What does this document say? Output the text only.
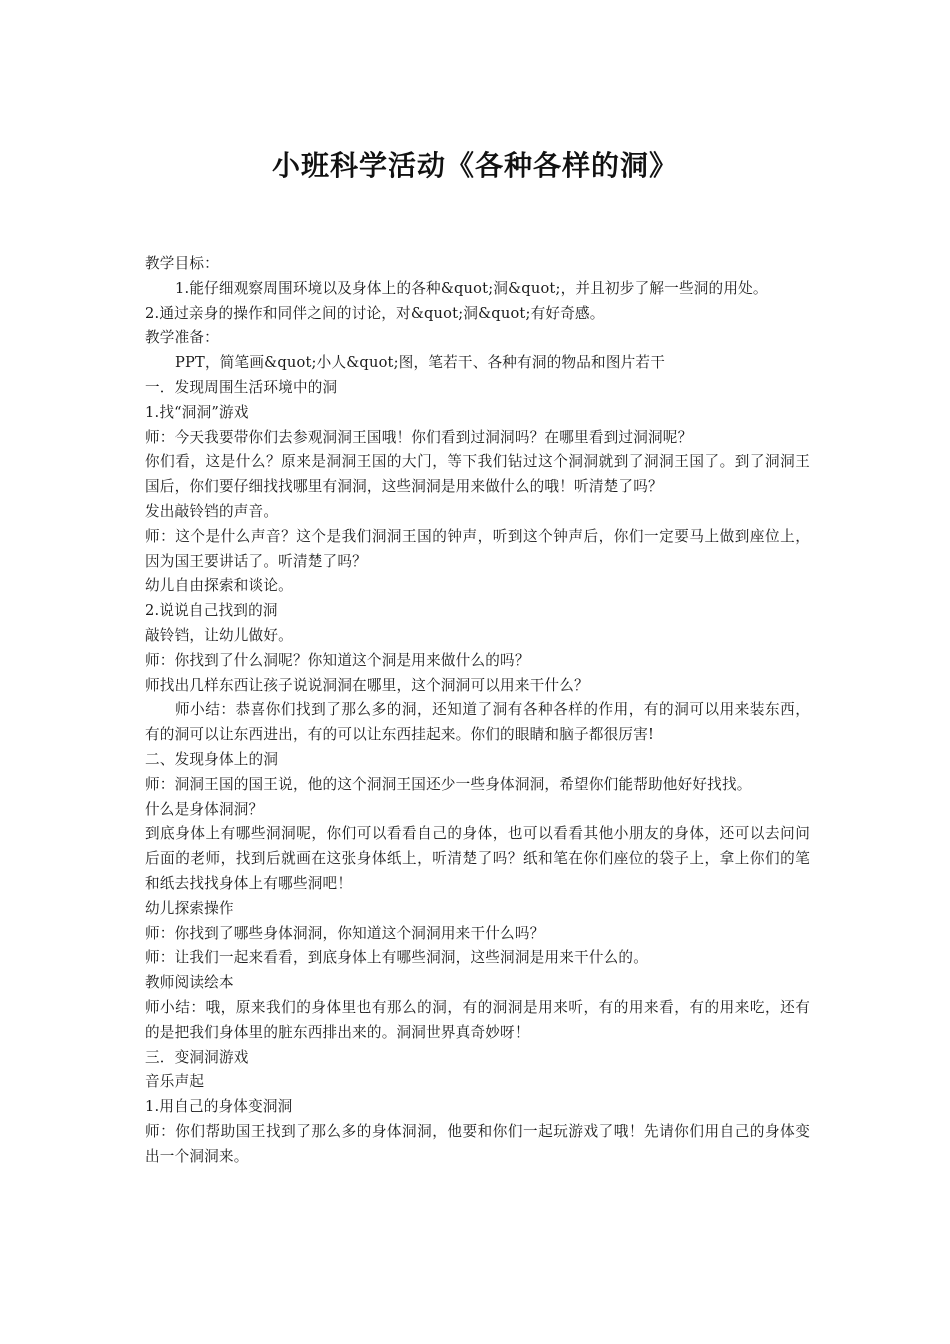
小班科学活动《各种各样的洞》

教学目标：

1.能仔细观察周围环境以及身体上的各种&quot;洞&quot;，并且初步了解一些洞的用处。

2.通过亲身的操作和同伴之间的讨论，对&quot;洞&quot;有好奇感。

教学准备：

PPT，简笔画&quot;小人&quot;图，笔若干、各种有洞的物品和图片若干

一．发现周围生活环境中的洞

1.找“洞洞”游戏

师：今天我要带你们去参观洞洞王国哦！你们看到过洞洞吗？在哪里看到过洞洞呢？

你们看，这是什么？原来是洞洞王国的大门，等下我们钻过这个洞洞就到了洞洞王国了。到了洞洞王国后，你们要仔细找找哪里有洞洞，这些洞洞是用来做什么的哦！听清楚了吗？

发出敲铃铛的声音。

师：这个是什么声音？这个是我们洞洞王国的钟声，听到这个钟声后，你们一定要马上做到座位上，因为国王要讲话了。听清楚了吗？

幼儿自由探索和谈论。

2.说说自己找到的洞

敲铃铛，让幼儿做好。

师：你找到了什么洞呢？你知道这个洞是用来做什么的吗？

师找出几样东西让孩子说说洞洞在哪里，这个洞洞可以用来干什么？

师小结：恭喜你们找到了那么多的洞，还知道了洞有各种各样的作用，有的洞可以用来装东西，有的洞可以让东西进出，有的可以让东西挂起来。你们的眼睛和脑子都很厉害!

二、发现身体上的洞

师：洞洞王国的国王说，他的这个洞洞王国还少一些身体洞洞，希望你们能帮助他好好找找。

什么是身体洞洞？

到底身体上有哪些洞洞呢，你们可以看看自己的身体，也可以看看其他小朋友的身体，还可以去问问后面的老师，找到后就画在这张身体纸上，听清楚了吗？纸和笔在你们座位的袋子上，拿上你们的笔和纸去找找身体上有哪些洞吧！

幼儿探索操作

师：你找到了哪些身体洞洞，你知道这个洞洞用来干什么吗？

师：让我们一起来看看，到底身体上有哪些洞洞，这些洞洞是用来干什么的。

教师阅读绘本

师小结：哦，原来我们的身体里也有那么的洞，有的洞洞是用来听，有的用来看，有的用来吃，还有的是把我们身体里的脏东西排出来的。洞洞世界真奇妙呀！

三．变洞洞游戏

音乐声起

1.用自己的身体变洞洞

师：你们帮助国王找到了那么多的身体洞洞，他要和你们一起玩游戏了哦！先请你们用自己的身体变出一个洞洞来。
